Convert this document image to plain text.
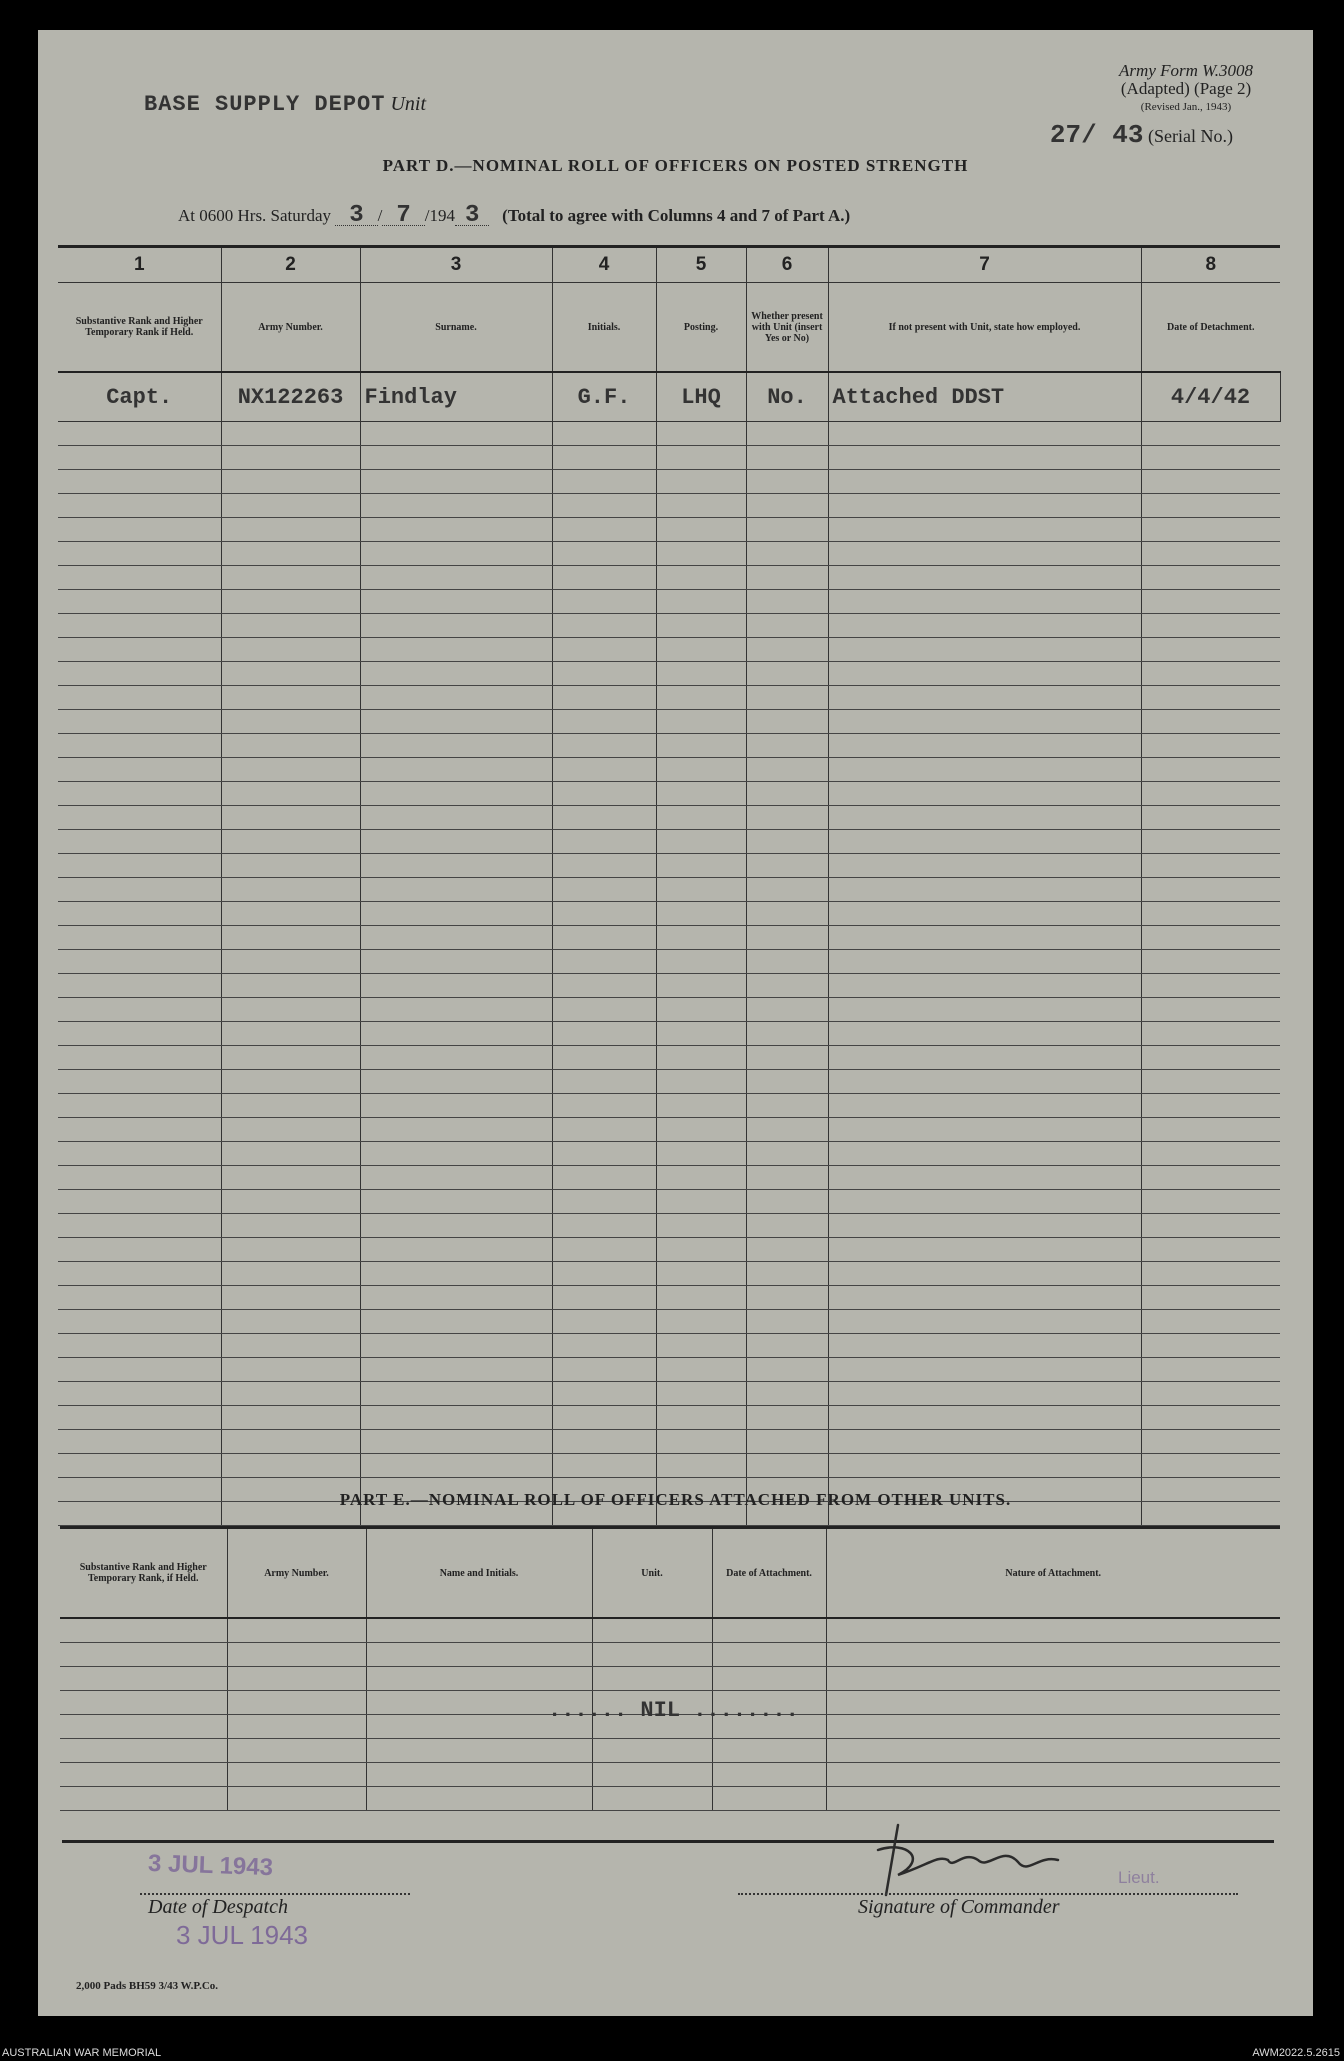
Army Form W.3008
(Adapted) (Page 2)
(Revised Jan., 1943)
27/ 43 (Serial No.)
BASE SUPPLY DEPOT Unit
PART D.—NOMINAL ROLL OF OFFICERS ON POSTED STRENGTH
At 0600 Hrs. Saturday 3 / 7 /194 3 (Total to agree with Columns 4 and 7 of Part A.)
1	2	3	4	5	6	7	8
Substantive Rank and Higher Temporary Rank if Held.	Army Number.	Surname.	Initials.	Posting.	Whether present with Unit (insert Yes or No)	If not present with Unit, state how employed.	Date of Detachment.
Capt.	NX122263	Findlay	G.F.	LHQ	No.	Attached DDST	4/4/42

PART E.—NOMINAL ROLL OF OFFICERS ATTACHED FROM OTHER UNITS.
Substantive Rank and Higher Temporary Rank, if Held.	Army Number.	Name and Initials.	Unit.	Date of Attachment.	Nature of Attachment.

...... NIL ........
3 JUL 1943
Date of Despatch
3 JUL 1943
Lieut.
Signature of Commander
2,000 Pads BH59 3/43 W.P.Co.
AUSTRALIAN WAR MEMORIAL	AWM2022.5.2615
